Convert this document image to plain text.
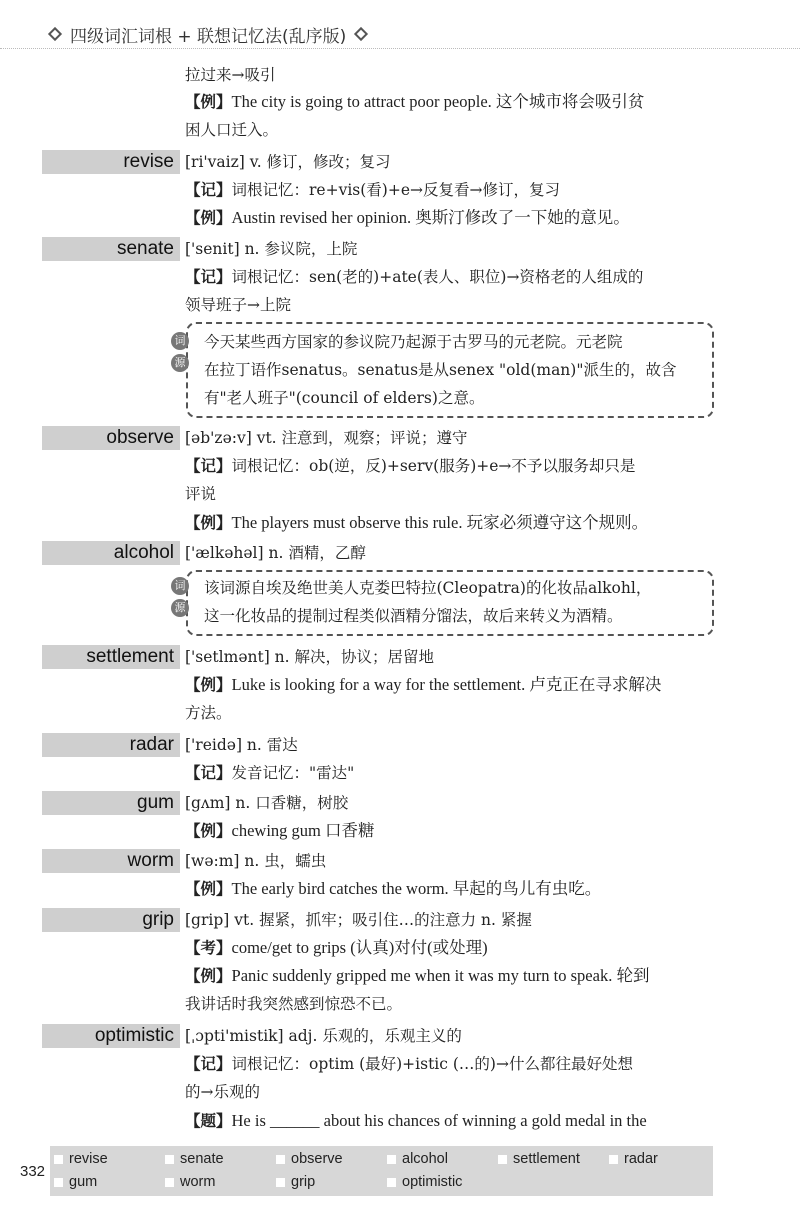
四级词汇词根 + 联想记忆法(乱序版)
拉过来→吸引
【例】The city is going to attract poor people. 这个城市将会吸引贫
困人口迁入。
revise [ri'vaiz] v. 修订，修改；复习
【记】词根记忆：re+vis(看)+e→反复看→修订，复习
【例】Austin revised her opinion. 奥斯汀修改了一下她的意见。
senate ['senit] n. 参议院，上院
【记】词根记忆：sen(老的)+ate(表人、职位)→资格老的人组成的
领导班子→上院
词
源
今天某些西方国家的参议院乃起源于古罗马的元老院。元老院
在拉丁语作senatus。senatus是从senex "old(man)"派生的，故含
有"老人班子"(council of elders)之意。
observe [əb'zə:v] vt. 注意到，观察；评说；遵守
【记】词根记忆：ob(逆，反)+serv(服务)+e→不予以服务却只是
评说
【例】The players must observe this rule. 玩家必须遵守这个规则。
alcohol ['ælkəhəl] n. 酒精，乙醇
词
源
该词源自埃及绝世美人克娄巴特拉(Cleopatra)的化妆品alkohl，
这一化妆品的提制过程类似酒精分馏法，故后来转义为酒精。
settlement ['setlmənt] n. 解决，协议；居留地
【例】Luke is looking for a way for the settlement. 卢克正在寻求解决
方法。
radar ['reidə] n. 雷达
【记】发音记忆："雷达"
gum [gʌm] n. 口香糖，树胶
【例】chewing gum 口香糖
worm [wə:m] n. 虫，蠕虫
【例】The early bird catches the worm. 早起的鸟儿有虫吃。
grip [grip] vt. 握紧，抓牢；吸引住…的注意力 n. 紧握
【考】come/get to grips (认真)对付(或处理)
【例】Panic suddenly gripped me when it was my turn to speak. 轮到
我讲话时我突然感到惊恐不已。
optimistic [ˌɔpti'mistik] adj. 乐观的，乐观主义的
【记】词根记忆：optim (最好)+istic (…的)→什么都往最好处想
的→乐观的
【题】He is ______ about his chances of winning a gold medal in the
332
revise	senate	observe	alcohol	settlement	radar
gum	worm	grip	optimistic
